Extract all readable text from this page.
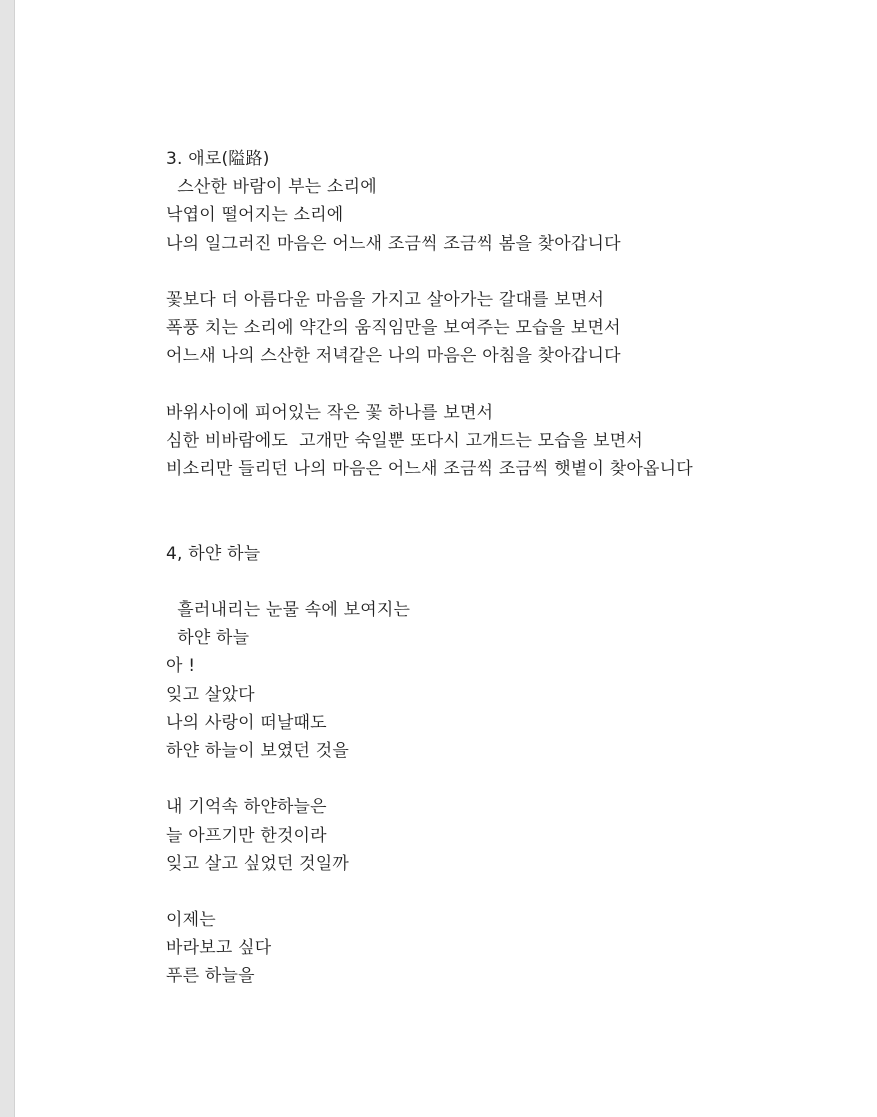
3. 애로(隘路)
스산한 바람이 부는 소리에
낙엽이 떨어지는 소리에
나의 일그러진 마음은 어느새 조금씩 조금씩 봄을 찾아갑니다
꽃보다 더 아름다운 마음을 가지고 살아가는 갈대를 보면서
폭풍 치는 소리에 약간의 움직임만을 보여주는 모습을 보면서
어느새 나의 스산한 저녁같은 나의 마음은 아침을 찾아갑니다
바위사이에 피어있는 작은 꽃 하나를 보면서
심한 비바람에도  고개만 숙일뿐 또다시 고개드는 모습을 보면서
비소리만 들리던 나의 마음은 어느새 조금씩 조금씩 햇볕이 찾아옵니다
4, 하얀 하늘
흘러내리는 눈물 속에 보여지는
하얀 하늘
아 !
잊고 살았다
나의 사랑이 떠날때도
하얀 하늘이 보였던 것을
내 기억속 하얀하늘은
늘 아프기만 한것이라
잊고 살고 싶었던 것일까
이제는
바라보고 싶다
푸른 하늘을
